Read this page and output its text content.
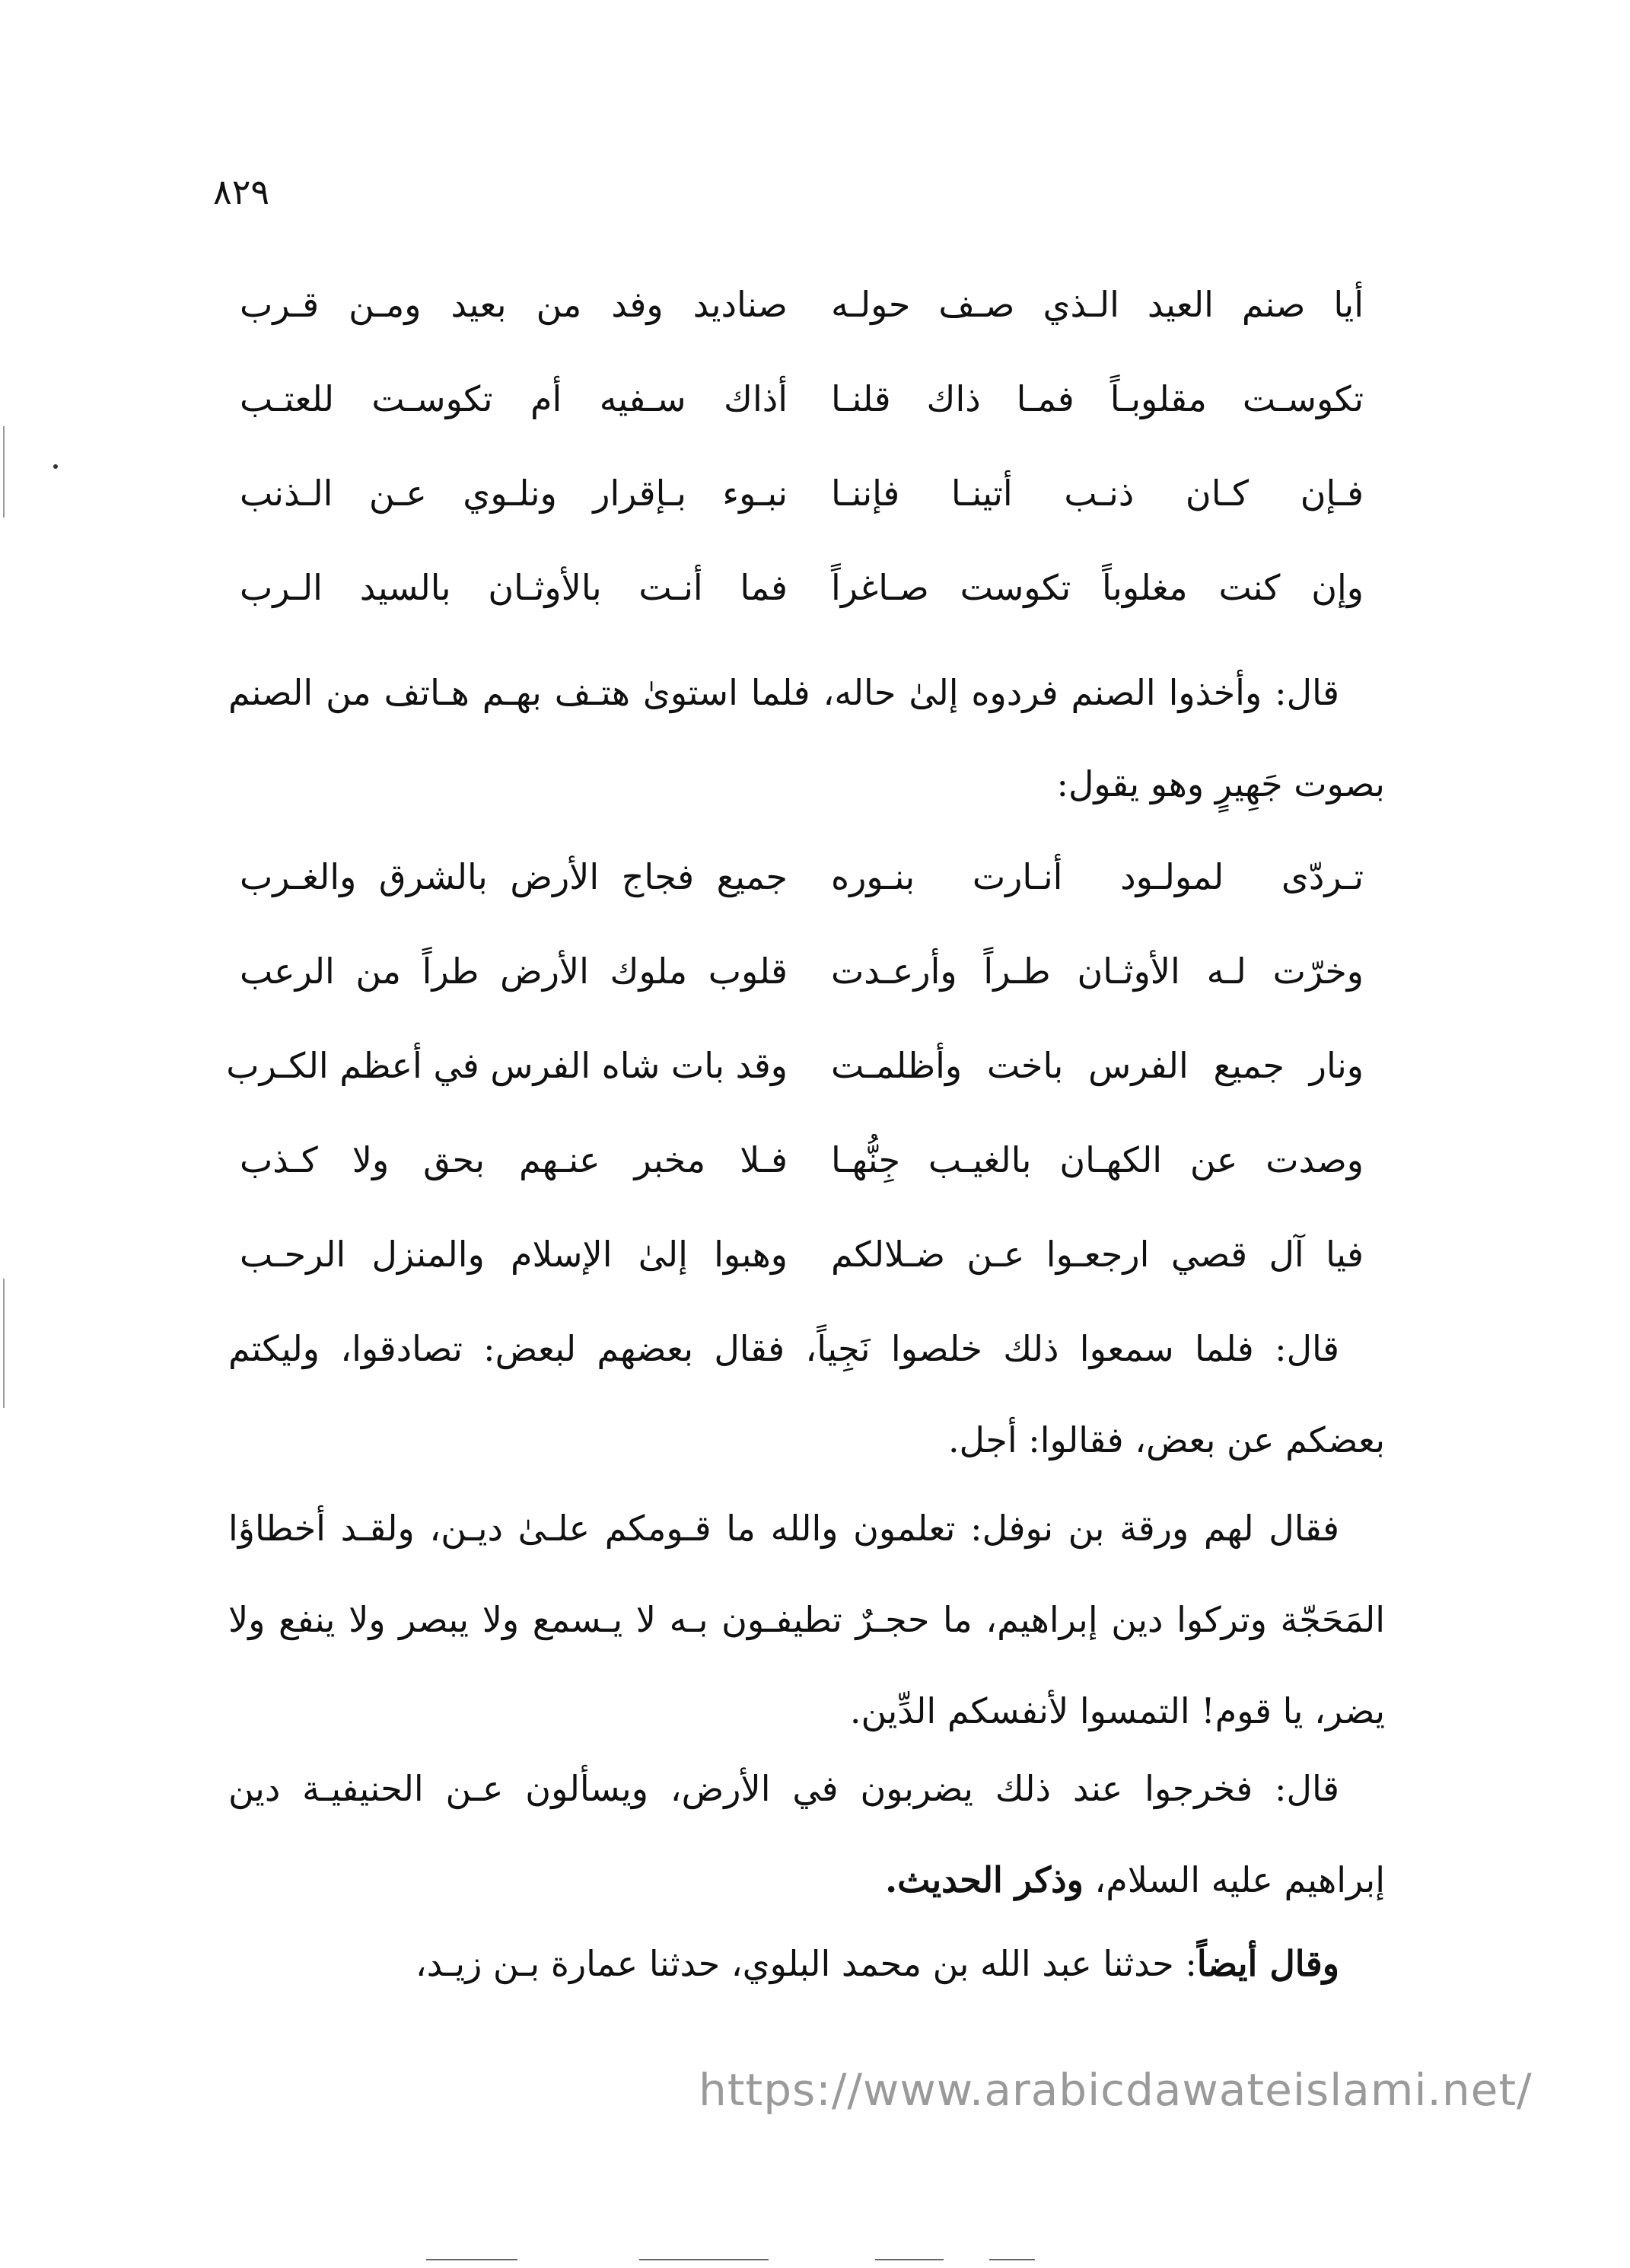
٨٢٩
أيا صنم العيد الـذي صـف حولـه
صناديد وفد من بعيد ومـن قـرب
تكوسـت مقلوبـاً فمـا ذاك قلنـا
أذاك سـفيه أم تكوسـت للعتـب
فـإن كـان ذنـب أتينـا فإننـا
نبـوء بـإقرار ونلـوي عـن الـذنب
وإن كنت مغلوباً تكوست صـاغراً
فما أنـت بالأوثـان بالسيد الـرب
قال: وأخذوا الصنم فردوه إلىٰ حاله، فلما استوىٰ هتـف بهـم هـاتف من الصنم بصوت جَهِيرٍ وهو يقول:
تـردّى لمولـود أنـارت بنـوره
جميع فجاج الأرض بالشرق والغـرب
وخرّت لـه الأوثـان طـراً وأرعـدت
قلوب ملوك الأرض طراً من الرعب
ونار جميع الفرس باخت وأظلمـت
وقد بات شاه الفرس في أعظم الكـرب
وصدت عن الكهـان بالغيـب جِنُّهـا
فـلا مخبر عنـهم بحق ولا كـذب
فيا آل قصي ارجعـوا عـن ضـلالكم
وهبوا إلىٰ الإسلام والمنزل الرحـب
قال: فلما سمعوا ذلك خلصوا نَجِياً، فقال بعضهم لبعض: تصادقوا، وليكتم بعضكم عن بعض، فقالوا: أجل.
فقال لهم ورقة بن نوفل: تعلمون والله ما قـومكم علـىٰ ديـن، ولقـد أخطاؤا المَحَجّة وتركوا دين إبراهيم، ما حجـرٌ تطيفـون بـه لا يـسمع ولا يبصر ولا ينفع ولا يضر، يا قوم! التمسوا لأنفسكم الدِّين.
قال: فخرجوا عند ذلك يضربون في الأرض، ويسألون عـن الحنيفيـة دين إبراهيم عليه السلام، وذكر الحديث.
وقال أيضاً: حدثنا عبد الله بن محمد البلوي، حدثنا عمارة بـن زيـد،
https://www.arabicdawateislami.net/
